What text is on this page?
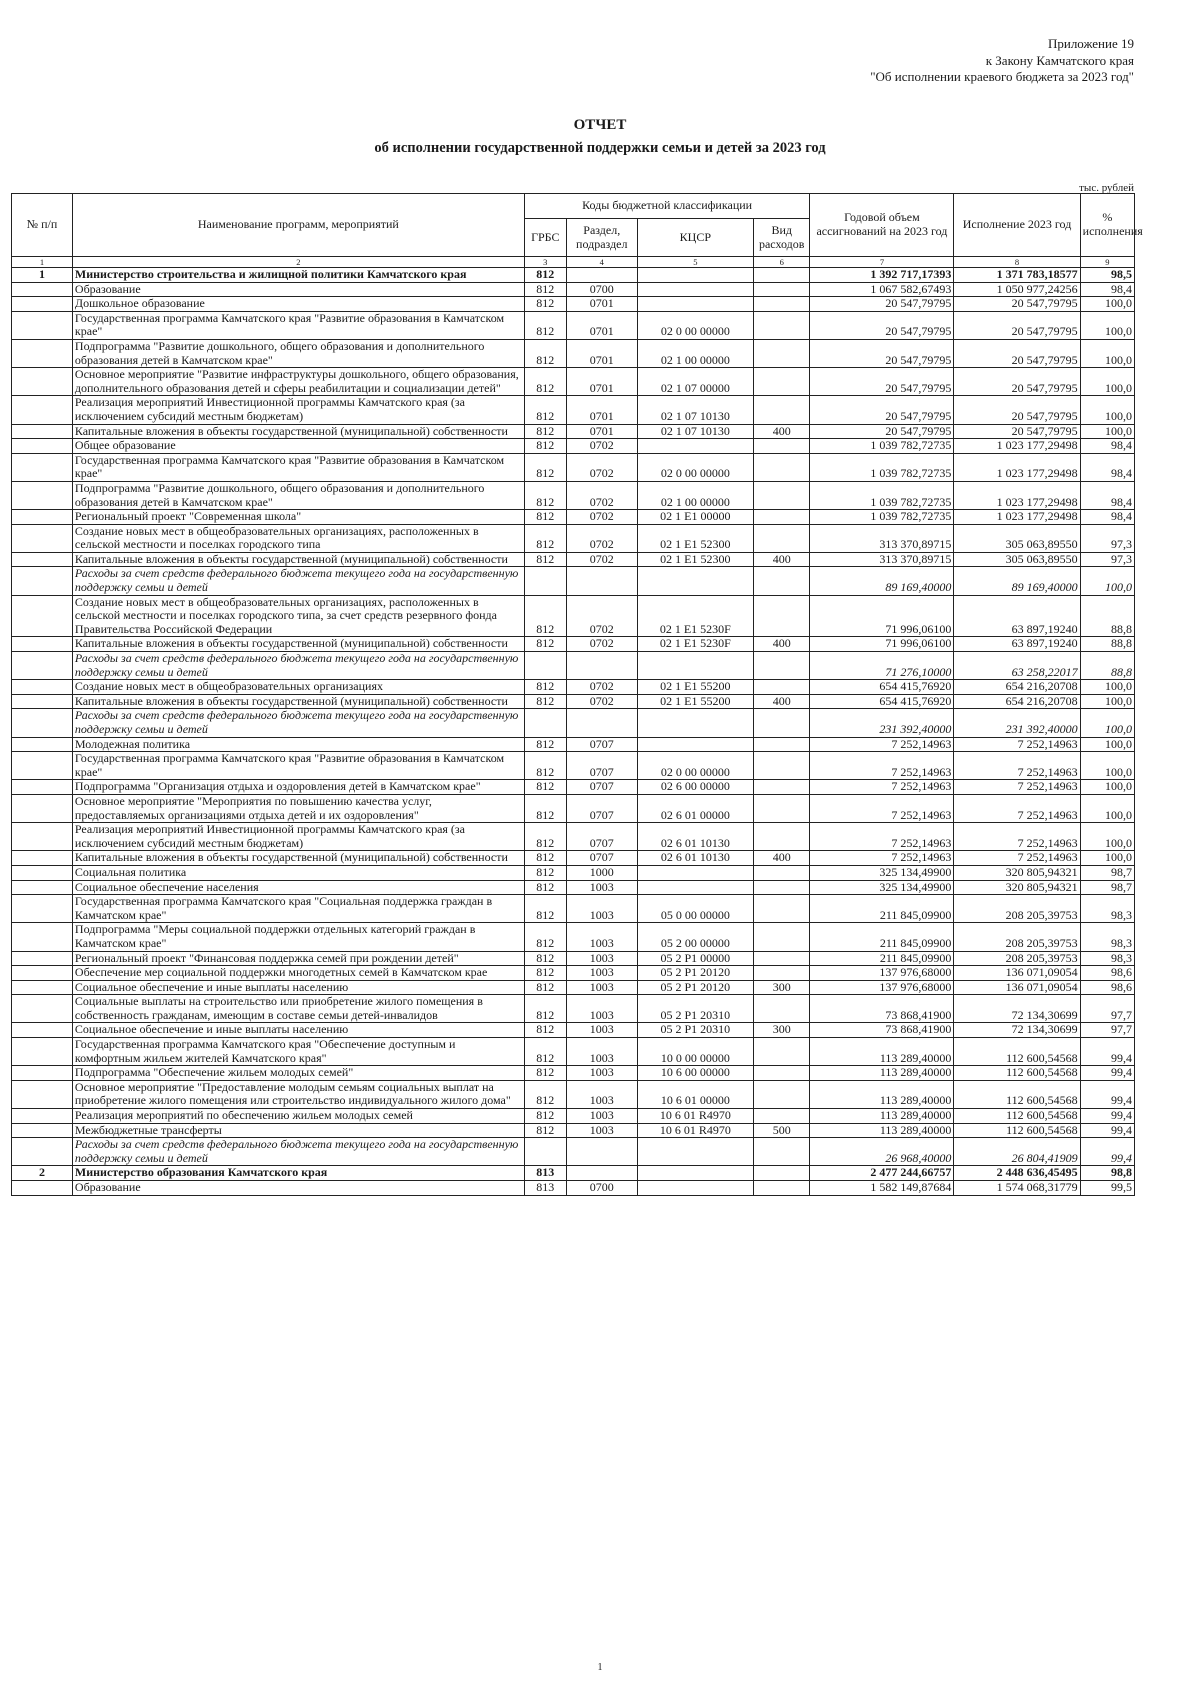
Приложение 19
к Закону Камчатского края
"Об исполнении краевого бюджета за 2023 год"
ОТЧЕТ
об исполнении государственной поддержки семьи и детей за 2023 год
тыс. рублей
№ п/п	Наименование программ, мероприятий	Коды бюджетной классификации				Годовой объем ассигнований на 2023 год	Исполнение 2023 год	% исполнения
		ГРБС	Раздел, подраздел	КЦСР	Вид расходов			
1	2	3	4	5	6	7	8	9
1	Министерство строительства и жилищной политики Камчатского края	812				1 392 717,17393	1 371 783,18577	98,5
	Образование	812	0700			1 067 582,67493	1 050 977,24256	98,4
	Дошкольное образование	812	0701			20 547,79795	20 547,79795	100,0
	Государственная программа Камчатского края "Развитие образования в Камчатском крае"	812	0701	02 0 00 00000		20 547,79795	20 547,79795	100,0
	Подпрограмма "Развитие дошкольного, общего образования и дополнительного образования детей в Камчатском крае"	812	0701	02 1 00 00000		20 547,79795	20 547,79795	100,0
	Основное мероприятие "Развитие инфраструктуры дошкольного, общего образования, дополнительного образования детей и сферы реабилитации и социализации детей"	812	0701	02 1 07 00000		20 547,79795	20 547,79795	100,0
	Реализация мероприятий Инвестиционной программы Камчатского края (за исключением субсидий местным бюджетам)	812	0701	02 1 07 10130		20 547,79795	20 547,79795	100,0
	Капитальные вложения в объекты государственной (муниципальной) собственности	812	0701	02 1 07 10130	400	20 547,79795	20 547,79795	100,0
	Общее образование	812	0702			1 039 782,72735	1 023 177,29498	98,4
	Государственная программа Камчатского края "Развитие образования в Камчатском крае"	812	0702	02 0 00 00000		1 039 782,72735	1 023 177,29498	98,4
	Подпрограмма "Развитие дошкольного, общего образования и дополнительного образования детей в Камчатском крае"	812	0702	02 1 00 00000		1 039 782,72735	1 023 177,29498	98,4
	Региональный проект "Современная школа"	812	0702	02 1 E1 00000		1 039 782,72735	1 023 177,29498	98,4
	Создание новых мест в общеобразовательных организациях, расположенных в сельской местности и поселках городского типа	812	0702	02 1 E1 52300		313 370,89715	305 063,89550	97,3
	Капитальные вложения в объекты государственной (муниципальной) собственности	812	0702	02 1 E1 52300	400	313 370,89715	305 063,89550	97,3
	Расходы за счет средств федерального бюджета текущего года на государственную поддержку семьи и детей					89 169,40000	89 169,40000	100,0
	Создание новых мест в общеобразовательных организациях, расположенных в сельской местности и поселках городского типа, за счет средств резервного фонда Правительства Российской Федерации	812	0702	02 1 E1 5230F		71 996,06100	63 897,19240	88,8
	Капитальные вложения в объекты государственной (муниципальной) собственности	812	0702	02 1 E1 5230F	400	71 996,06100	63 897,19240	88,8
	Расходы за счет средств федерального бюджета текущего года на государственную поддержку семьи и детей					71 276,10000	63 258,22017	88,8
	Создание новых мест в общеобразовательных организациях	812	0702	02 1 E1 55200		654 415,76920	654 216,20708	100,0
	Капитальные вложения в объекты государственной (муниципальной) собственности	812	0702	02 1 E1 55200	400	654 415,76920	654 216,20708	100,0
	Расходы за счет средств федерального бюджета текущего года на государственную поддержку семьи и детей					231 392,40000	231 392,40000	100,0
	Молодежная политика	812	0707			7 252,14963	7 252,14963	100,0
	Государственная программа Камчатского края "Развитие образования в Камчатском крае"	812	0707	02 0 00 00000		7 252,14963	7 252,14963	100,0
	Подпрограмма "Организация отдыха и оздоровления детей в Камчатском крае"	812	0707	02 6 00 00000		7 252,14963	7 252,14963	100,0
	Основное мероприятие "Мероприятия по повышению качества услуг, предоставляемых организациями отдыха детей и их оздоровления"	812	0707	02 6 01 00000		7 252,14963	7 252,14963	100,0
	Реализация мероприятий Инвестиционной программы Камчатского края (за исключением субсидий местным бюджетам)	812	0707	02 6 01 10130		7 252,14963	7 252,14963	100,0
	Капитальные вложения в объекты государственной (муниципальной) собственности	812	0707	02 6 01 10130	400	7 252,14963	7 252,14963	100,0
	Социальная политика	812	1000			325 134,49900	320 805,94321	98,7
	Социальное обеспечение населения	812	1003			325 134,49900	320 805,94321	98,7
	Государственная программа Камчатского края "Социальная поддержка граждан в Камчатском крае"	812	1003	05 0 00 00000		211 845,09900	208 205,39753	98,3
	Подпрограмма "Меры социальной поддержки отдельных категорий граждан в Камчатском крае"	812	1003	05 2 00 00000		211 845,09900	208 205,39753	98,3
	Региональный проект "Финансовая поддержка семей при рождении детей"	812	1003	05 2 P1 00000		211 845,09900	208 205,39753	98,3
	Обеспечение мер социальной поддержки многодетных семей в Камчатском крае	812	1003	05 2 P1 20120		137 976,68000	136 071,09054	98,6
	Социальное обеспечение и иные выплаты населению	812	1003	05 2 P1 20120	300	137 976,68000	136 071,09054	98,6
	Социальные выплаты на строительство или приобретение жилого помещения в собственность гражданам, имеющим в составе семьи детей-инвалидов	812	1003	05 2 P1 20310		73 868,41900	72 134,30699	97,7
	Социальное обеспечение и иные выплаты населению	812	1003	05 2 P1 20310	300	73 868,41900	72 134,30699	97,7
	Государственная программа Камчатского края "Обеспечение доступным и комфортным жильем жителей Камчатского края"	812	1003	10 0 00 00000		113 289,40000	112 600,54568	99,4
	Подпрограмма "Обеспечение жильем молодых семей"	812	1003	10 6 00 00000		113 289,40000	112 600,54568	99,4
	Основное мероприятие "Предоставление молодым семьям социальных выплат на приобретение жилого помещения или строительство индивидуального жилого дома"	812	1003	10 6 01 00000		113 289,40000	112 600,54568	99,4
	Реализация мероприятий по обеспечению жильем молодых семей	812	1003	10 6 01 R4970		113 289,40000	112 600,54568	99,4
	Межбюджетные трансферты	812	1003	10 6 01 R4970	500	113 289,40000	112 600,54568	99,4
	Расходы за счет средств федерального бюджета текущего года на государственную поддержку семьи и детей					26 968,40000	26 804,41909	99,4
2	Министерство образования Камчатского края	813				2 477 244,66757	2 448 636,45495	98,8
	Образование	813	0700			1 582 149,87684	1 574 068,31779	99,5
1
